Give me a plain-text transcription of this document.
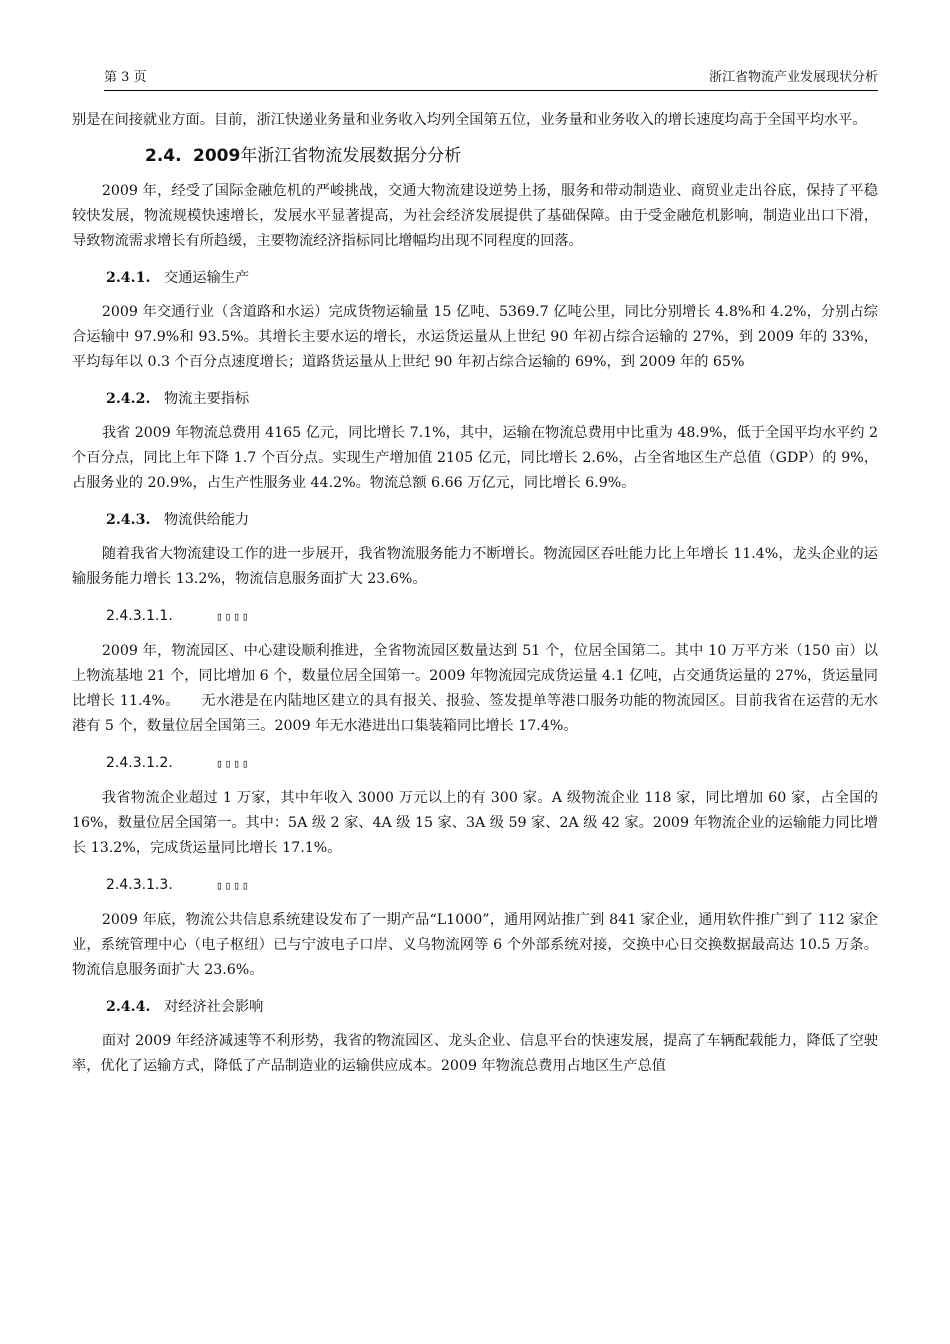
第 3 页	浙江省物流产业发展现状分析

别是在间接就业方面。目前，浙江快递业务量和业务收入均列全国第五位，业务量和业务收入的增长速度均高于全国平均水平。

2.4. 2009年浙江省物流发展数据分分析

2009 年，经受了国际金融危机的严峻挑战，交通大物流建设逆势上扬，服务和带动制造业、商贸业走出谷底，保持了平稳较快发展，物流规模快速增长，发展水平显著提高，为社会经济发展提供了基础保障。由于受金融危机影响，制造业出口下滑，导致物流需求增长有所趋缓，主要物流经济指标同比增幅均出现不同程度的回落。

2.4.1. 交通运输生产

2009 年交通行业（含道路和水运）完成货物运输量 15 亿吨、5369.7 亿吨公里，同比分别增长 4.8%和 4.2%，分别占综合运输中 97.9%和 93.5%。其增长主要水运的增长，水运货运量从上世纪 90 年初占综合运输的 27%，到 2009 年的 33%，平均每年以 0.3 个百分点速度增长；道路货运量从上世纪 90 年初占综合运输的 69%，到 2009 年的 65%

2.4.2. 物流主要指标

我省 2009 年物流总费用 4165 亿元，同比增长 7.1%，其中，运输在物流总费用中比重为 48.9%，低于全国平均水平约 2 个百分点，同比上年下降 1.7 个百分点。实现生产增加值 2105 亿元，同比增长 2.6%，占全省地区生产总值（GDP）的 9%，占服务业的 20.9%，占生产性服务业 44.2%。物流总额 6.66 万亿元，同比增长 6.9%。

2.4.3. 物流供给能力

随着我省大物流建设工作的进一步展开，我省物流服务能力不断增长。物流园区吞吐能力比上年增长 11.4%，龙头企业的运输服务能力增长 13.2%，物流信息服务面扩大 23.6%。

2.4.3.1.1.	▯▯▯▯

2009 年，物流园区、中心建设顺利推进，全省物流园区数量达到 51 个，位居全国第二。其中 10 万平方米（150 亩）以上物流基地 21 个，同比增加 6 个，数量位居全国第一。2009 年物流园完成货运量 4.1 亿吨，占交通货运量的 27%，货运量同比增长 11.4%。　　无水港是在内陆地区建立的具有报关、报验、签发提单等港口服务功能的物流园区。目前我省在运营的无水港有 5 个，数量位居全国第三。2009 年无水港进出口集装箱同比增长 17.4%。

2.4.3.1.2.	▯▯▯▯

我省物流企业超过 1 万家，其中年收入 3000 万元以上的有 300 家。A 级物流企业 118 家，同比增加 60 家，占全国的 16%，数量位居全国第一。其中：5A 级 2 家、4A 级 15 家、3A 级 59 家、2A 级 42 家。2009 年物流企业的运输能力同比增长 13.2%，完成货运量同比增长 17.1%。

2.4.3.1.3.	▯▯▯▯

2009 年底，物流公共信息系统建设发布了一期产品“L1000”，通用网站推广到 841 家企业，通用软件推广到了 112 家企业，系统管理中心（电子枢纽）已与宁波电子口岸、义乌物流网等 6 个外部系统对接，交换中心日交换数据最高达 10.5 万条。物流信息服务面扩大 23.6%。

2.4.4. 对经济社会影响

面对 2009 年经济减速等不利形势，我省的物流园区、龙头企业、信息平台的快速发展，提高了车辆配载能力，降低了空驶率，优化了运输方式，降低了产品制造业的运输供应成本。2009 年物流总费用占地区生产总值
